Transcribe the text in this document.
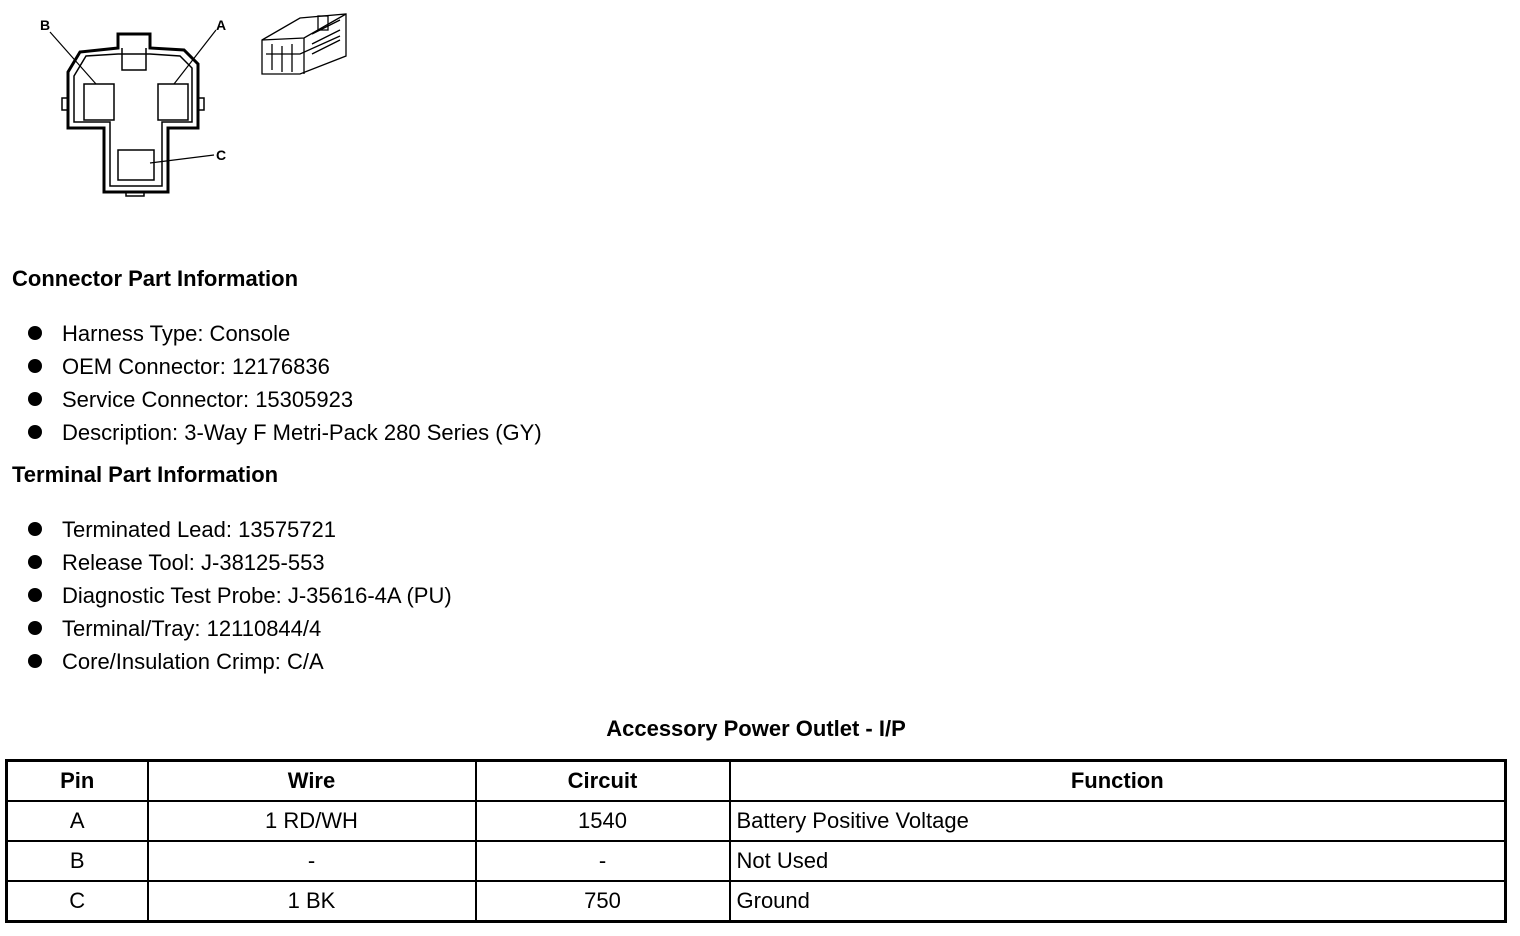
B	A
C
Connector Part Information
Harness Type: Console
OEM Connector: 12176836
Service Connector: 15305923
Description: 3-Way F Metri-Pack 280 Series (GY)
Terminal Part Information
Terminated Lead: 13575721
Release Tool: J-38125-553
Diagnostic Test Probe: J-35616-4A (PU)
Terminal/Tray: 12110844/4
Core/Insulation Crimp: C/A
Accessory Power Outlet - I/P
Pin	Wire	Circuit	Function
A	1 RD/WH	1540	Battery Positive Voltage
B	-	-	Not Used
C	1 BK	750	Ground
